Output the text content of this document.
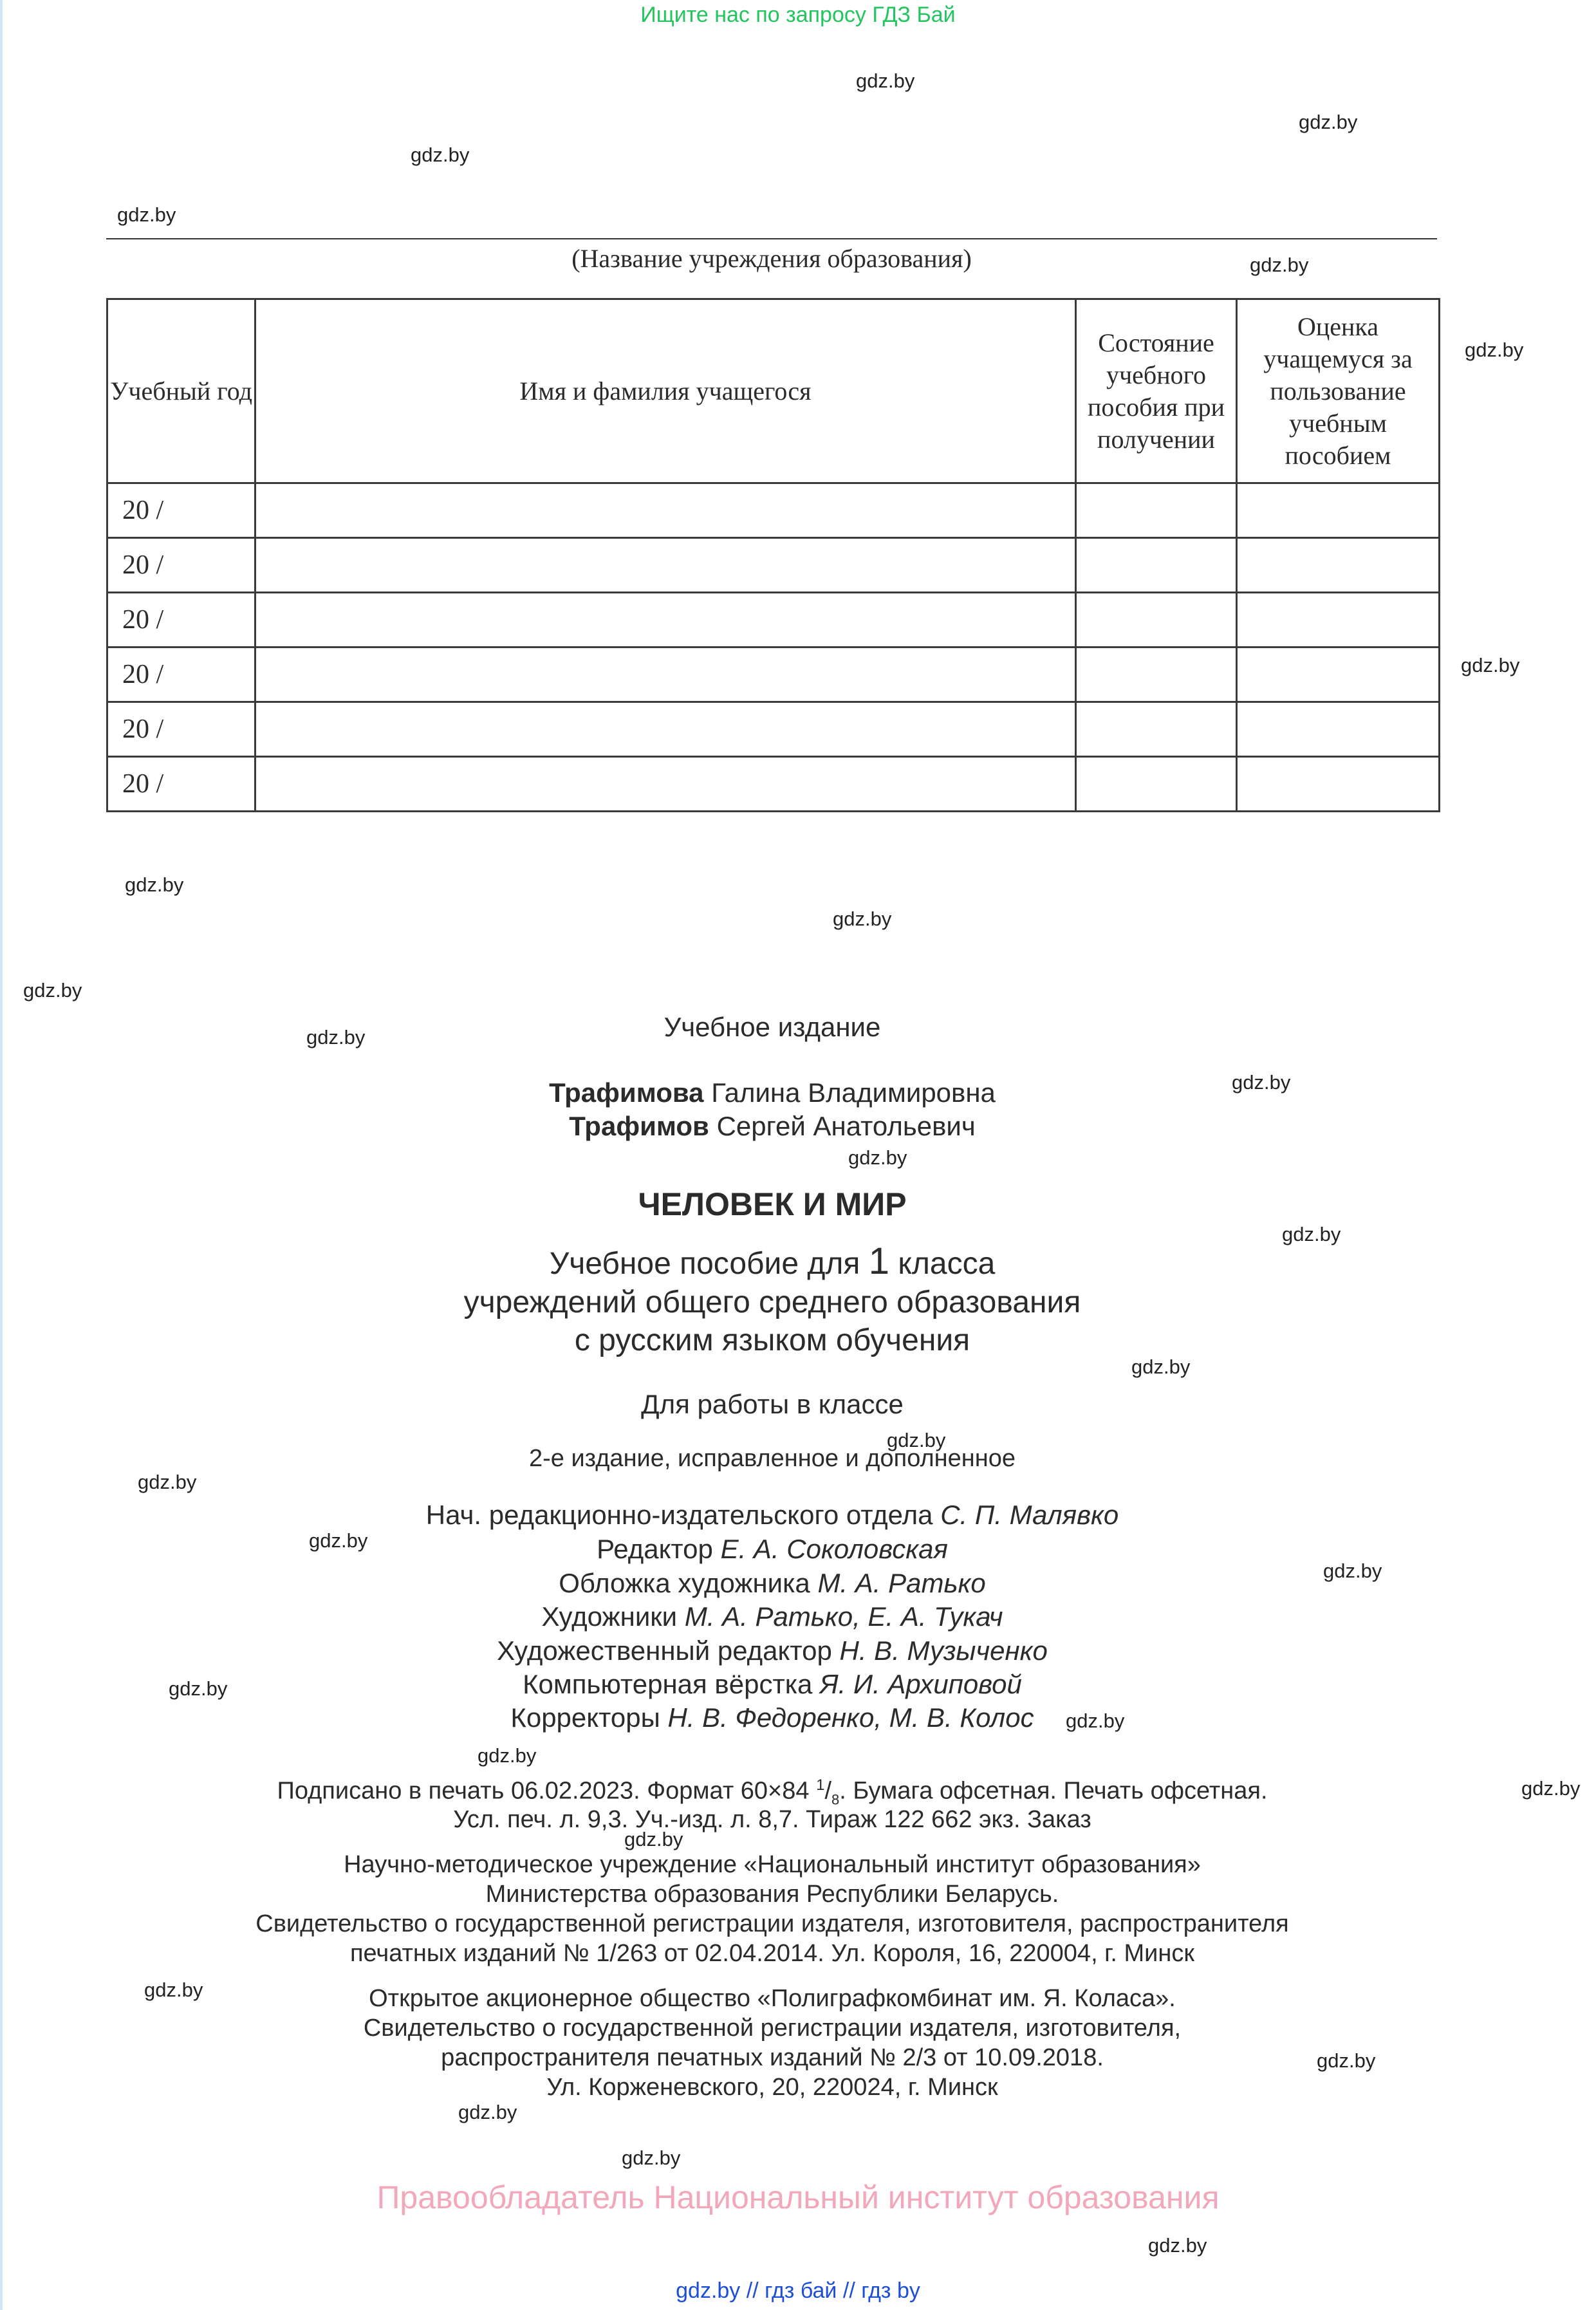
Ищите нас по запросу ГДЗ Бай
gdz.by
gdz.by
gdz.by
gdz.by
gdz.by
gdz.by
gdz.by
gdz.by
gdz.by
gdz.by
gdz.by
gdz.by
gdz.by
gdz.by
gdz.by
gdz.by
gdz.by
gdz.by
gdz.by
gdz.by
gdz.by
gdz.by
gdz.by
gdz.by
gdz.by
gdz.by
gdz.by
gdz.by
gdz.by
(Название учреждения образования)
Учебный год	Имя и фамилия учащегося	Состояние учебного пособия при получении	Оценка учащемуся за пользование учебным пособием
20 /			
20 /			
20 /			
20 /			
20 /			
20 /			
Учебное издание
Трафимова Галина Владимировна
Трафимов Сергей Анатольевич
ЧЕЛОВЕК И МИР
Учебное пособие для 1 класса
учреждений общего среднего образования
с русским языком обучения
Для работы в классе
2-е издание, исправленное и дополненное
Нач. редакционно-издательского отдела С. П. Малявко
Редактор Е. А. Соколовская
Обложка художника М. А. Ратько
Художники М. А. Ратько, Е. А. Тукач
Художественный редактор Н. В. Музыченко
Компьютерная вёрстка Я. И. Архиповой
Корректоры Н. В. Федоренко, М. В. Колос
Подписано в печать 06.02.2023. Формат 60×84 $^1/_8$. Бумага офсетная. Печать офсетная.
Усл. печ. л. 9,3. Уч.-изд. л. 8,7. Тираж 122 662 экз. Заказ
Научно-методическое учреждение «Национальный институт образования»
Министерства образования Республики Беларусь.
Свидетельство о государственной регистрации издателя, изготовителя, распространителя
печатных изданий № 1/263 от 02.04.2014. Ул. Короля, 16, 220004, г. Минск
Открытое акционерное общество «Полиграфкомбинат им. Я. Коласа».
Свидетельство о государственной регистрации издателя, изготовителя,
распространителя печатных изданий № 2/3 от 10.09.2018.
Ул. Корженевского, 20, 220024, г. Минск
Правообладатель Национальный институт образования
gdz.by // гдз бай // гдз by
